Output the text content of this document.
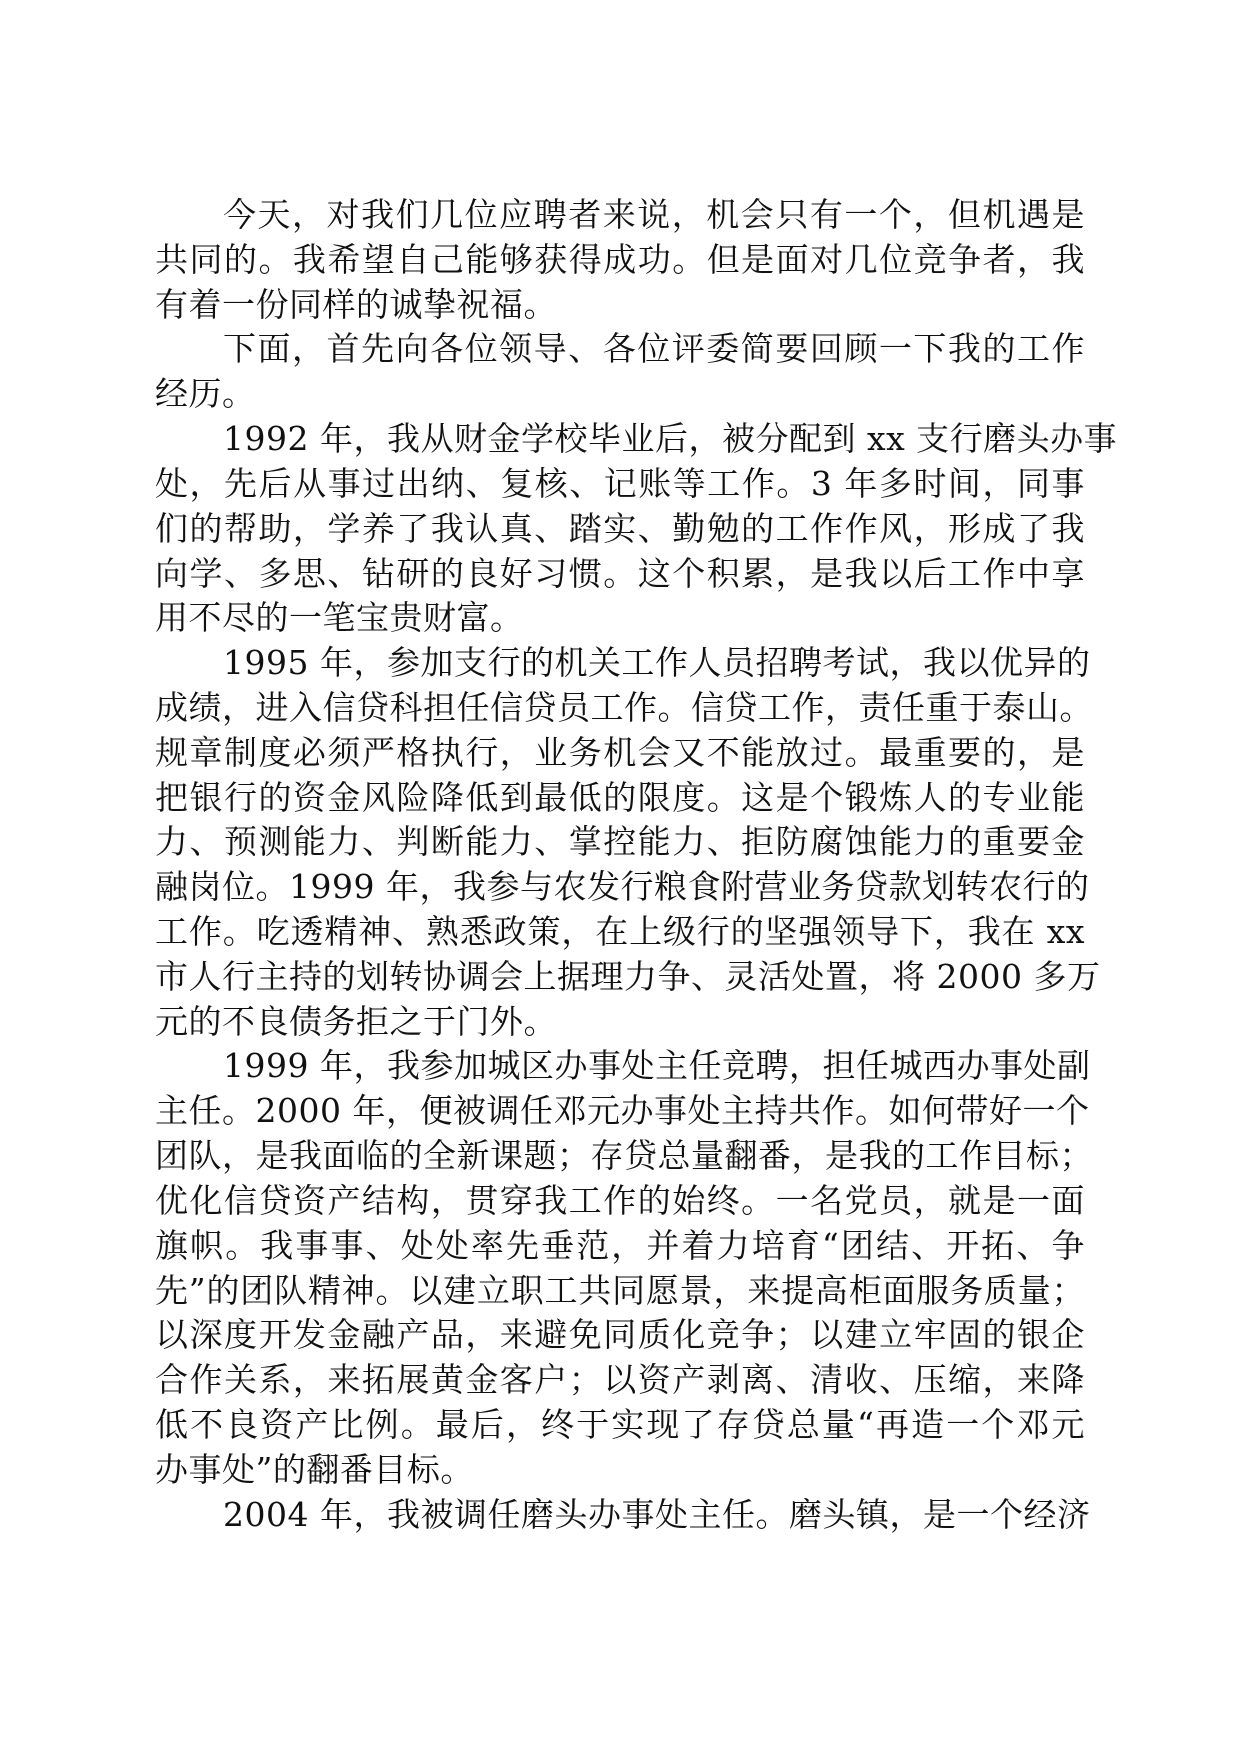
今天，对我们几位应聘者来说，机会只有一个，但机遇是
共同的。我希望自己能够获得成功。但是面对几位竞争者，我
有着一份同样的诚挚祝福。
下面，首先向各位领导、各位评委简要回顾一下我的工作
经历。
1992 年，我从财金学校毕业后，被分配到 xx 支行磨头办事
处，先后从事过出纳、复核、记账等工作。3 年多时间，同事
们的帮助，学养了我认真、踏实、勤勉的工作作风，形成了我
向学、多思、钻研的良好习惯。这个积累，是我以后工作中享
用不尽的一笔宝贵财富。
1995 年，参加支行的机关工作人员招聘考试，我以优异的
成绩，进入信贷科担任信贷员工作。信贷工作，责任重于泰山。
规章制度必须严格执行，业务机会又不能放过。最重要的，是
把银行的资金风险降低到最低的限度。这是个锻炼人的专业能
力、预测能力、判断能力、掌控能力、拒防腐蚀能力的重要金
融岗位。1999 年，我参与农发行粮食附营业务贷款划转农行的
工作。吃透精神、熟悉政策，在上级行的坚强领导下，我在 xx
市人行主持的划转协调会上据理力争、灵活处置，将 2000 多万
元的不良债务拒之于门外。
1999 年，我参加城区办事处主任竞聘，担任城西办事处副
主任。2000 年，便被调任邓元办事处主持共作。如何带好一个
团队，是我面临的全新课题；存贷总量翻番，是我的工作目标；
优化信贷资产结构，贯穿我工作的始终。一名党员，就是一面
旗帜。我事事、处处率先垂范，并着力培育“团结、开拓、争
先”的团队精神。以建立职工共同愿景，来提高柜面服务质量；
以深度开发金融产品，来避免同质化竞争；以建立牢固的银企
合作关系，来拓展黄金客户；以资产剥离、清收、压缩，来降
低不良资产比例。最后，终于实现了存贷总量“再造一个邓元
办事处”的翻番目标。
2004 年，我被调任磨头办事处主任。磨头镇，是一个经济
